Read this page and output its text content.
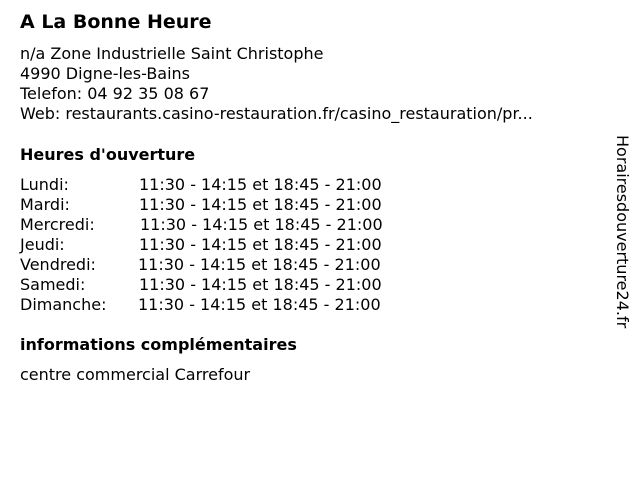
A La Bonne Heure
n/a Zone Industrielle Saint Christophe
4990 Digne-les-Bains
Telefon: 04 92 35 08 67
Web: restaurants.casino-restauration.fr/casino_restauration/pr...
Heures d'ouverture
Lundi:	11:30 - 14:15 et 18:45 - 21:00
Mardi:	11:30 - 14:15 et 18:45 - 21:00
Mercredi:	11:30 - 14:15 et 18:45 - 21:00
Jeudi:	11:30 - 14:15 et 18:45 - 21:00
Vendredi:	11:30 - 14:15 et 18:45 - 21:00
Samedi:	11:30 - 14:15 et 18:45 - 21:00
Dimanche: 11:30 - 14:15 et 18:45 - 21:00
informations complémentaires
centre commercial Carrefour
Horairesdouverture24.fr
